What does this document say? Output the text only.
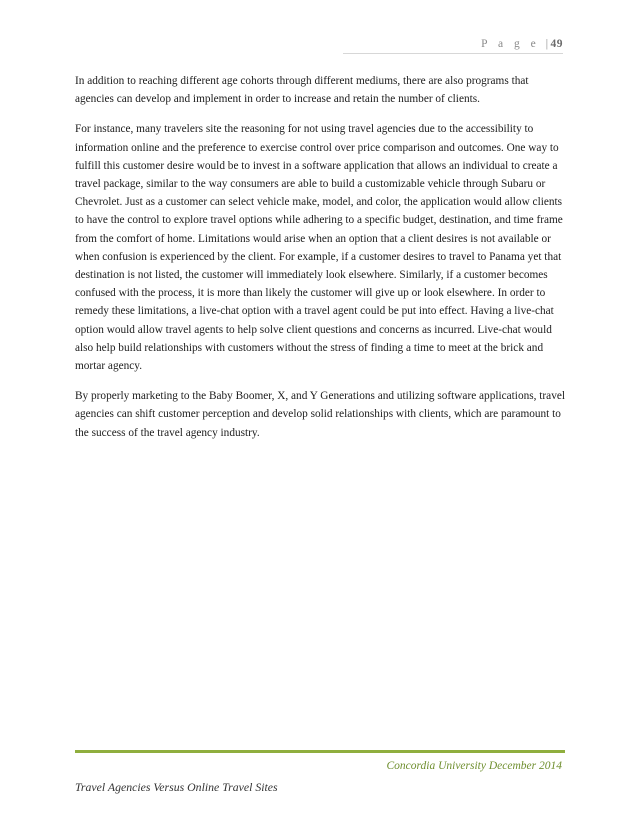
P a g e | 49

In addition to reaching different age cohorts through different mediums, there are also programs that agencies can develop and implement in order to increase and retain the number of clients.

For instance, many travelers site the reasoning for not using travel agencies due to the accessibility to information online and the preference to exercise control over price comparison and outcomes. One way to fulfill this customer desire would be to invest in a software application that allows an individual to create a travel package, similar to the way consumers are able to build a customizable vehicle through Subaru or Chevrolet. Just as a customer can select vehicle make, model, and color, the application would allow clients to have the control to explore travel options while adhering to a specific budget, destination, and time frame from the comfort of home. Limitations would arise when an option that a client desires is not available or when confusion is experienced by the client. For example, if a customer desires to travel to Panama yet that destination is not listed, the customer will immediately look elsewhere. Similarly, if a customer becomes confused with the process, it is more than likely the customer will give up or look elsewhere. In order to remedy these limitations, a live-chat option with a travel agent could be put into effect. Having a live-chat option would allow travel agents to help solve client questions and concerns as incurred. Live-chat would also help build relationships with customers without the stress of finding a time to meet at the brick and mortar agency.

By properly marketing to the Baby Boomer, X, and Y Generations and utilizing software applications, travel agencies can shift customer perception and develop solid relationships with clients, which are paramount to the success of the travel agency industry.

Concordia University December 2014
Travel Agencies Versus Online Travel Sites
